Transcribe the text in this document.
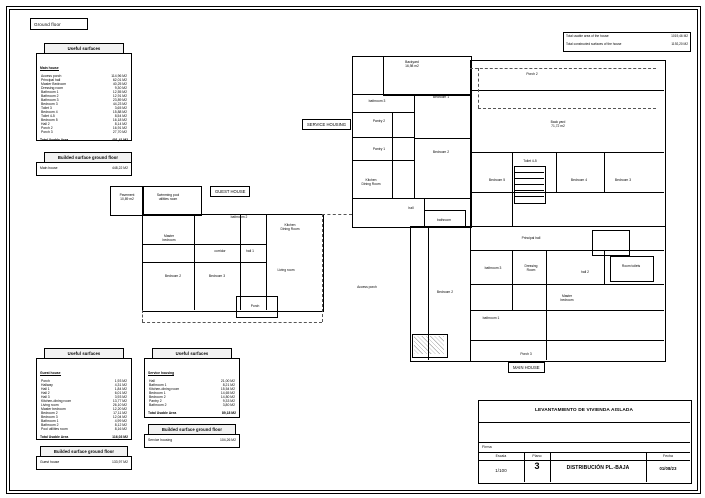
Ground floor
Total usable area of the house	1019,46 M2
Total constructed surfaces of the house	1192,20 M2
Useful surfaces
Main house
Access porch	114,96 M2
Principal hall	62,01 M2
Master Bedroom	40,25 M2
Dressing room	9,30 M2
Bathroom 1	12,55 M2
Bathroom 2	12,91 M2
Bathroom 3	23,89 M2
Bedroom 3	44,23 M2
Toilet 3	3,65 M2
Bedroom 4	15,88 M2
Toilet 4-5	8,54 M2
Bedroom 5	16,18 M2
Hall 2	8,14 M2
Porch 2	16,91 M2
Porch 3	27,70 M2
Total Usable Area	401,41 M2
Builded surface ground floor
Main house	448,22 M2
Useful surfaces
Guest house
Porch	1,93 M2
Hallway	4,31 M2
Hall 1	1,84 M2
Hall 2	6,01 M2
Hall 3	3,93 M2
Kitchen-dining room	13,77 M2
Living room	26,10 M2
Master bedroom	12,20 M2
Bedroom 2	17,11 M2
Bedroom 3	12,04 M2
Bathroom 1	4,99 M2
Bathroom 2	8,12 M2
Pool utilities room	8,16 M2
Total Usable Area	116,03 M2
Builded surface ground floor
Guest house	133,97 M2
Useful surfaces
Service housing
Hall	21,00 M2
Bathroom 1	8,21 M2
Kitchen-dining room	15,54 M2
Bedroom 1	14,65 M2
Bedroom 2	14,80 M2
Pantry 2	9,33 M2
Bathroom 2	3,80 M2
Total Usable Area	89,18 M2
Builded surface ground floor
Service housing	104,26 M2
SERVICE HOUSING
GUEST HOUSE
MAIN HOUSE
Backyard
16,98 m2
Bedroom 1
bathroom 3
Pantry 2
Pantry 1
Bedroom 2
Kitchen
Dining Room
hall
bathroom
Porch 2
Back yard
71,72 m2
Toilet 4-5
Bedroom 5	Bedroom 4	Bedroom 3
Principal hall
Room toilets
hall 2
bathroom 3	Dressing
Room
Bedroom 2
bathroom 1
Master
bedroom
Access porch
Porch 3
Swimming pool
utilities room
Pavement
10,89 m2
bathroom 2
Kitchen
Dining Room
Master
bedroom
corridor	hall 1
Living room
Bedroom 2	Bedroom 3
Porch
LEVANTAMIENTO DE VIVIENDA AISLADA
Firma
Escala	Plano
1/100	3	DISTRIBUCIÓN PL.-BAJA
Fecha
01/08/23
